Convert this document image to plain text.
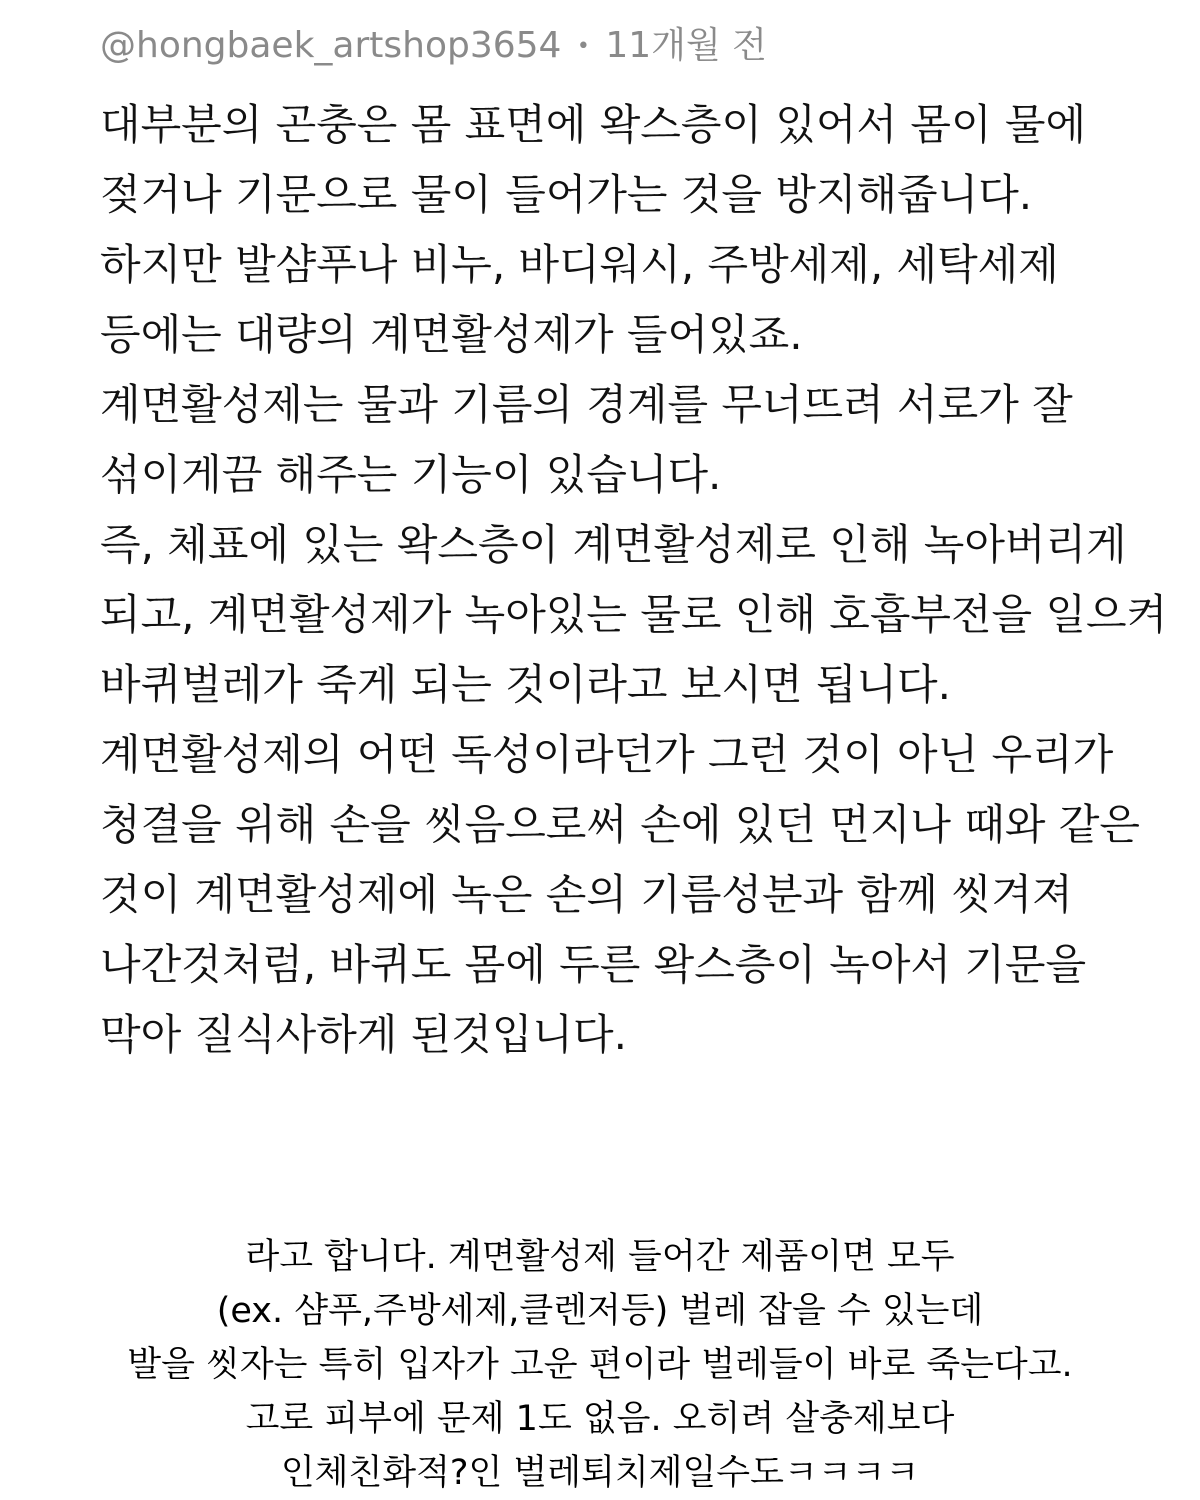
@hongbaek_artshop3654 • 11개월 전
대부분의 곤충은 몸 표면에 왁스층이 있어서 몸이 물에
젖거나 기문으로 물이 들어가는 것을 방지해줍니다.
하지만 발샴푸나 비누, 바디워시, 주방세제, 세탁세제
등에는 대량의 계면활성제가 들어있죠.
계면활성제는 물과 기름의 경계를 무너뜨려 서로가 잘
섞이게끔 해주는 기능이 있습니다.
즉, 체표에 있는 왁스층이 계면활성제로 인해 녹아버리게
되고, 계면활성제가 녹아있는 물로 인해 호흡부전을 일으켜
바퀴벌레가 죽게 되는 것이라고 보시면 됩니다.
계면활성제의 어떤 독성이라던가 그런 것이 아닌 우리가
청결을 위해 손을 씻음으로써 손에 있던 먼지나 때와 같은
것이 계면활성제에 녹은 손의 기름성분과 함께 씻겨져
나간것처럼, 바퀴도 몸에 두른 왁스층이 녹아서 기문을
막아 질식사하게 된것입니다.
라고 합니다. 계면활성제 들어간 제품이면 모두
(ex. 샴푸,주방세제,클렌저등) 벌레 잡을 수 있는데
발을 씻자는 특히 입자가 고운 편이라 벌레들이 바로 죽는다고.
고로 피부에 문제 1도 없음. 오히려 살충제보다
인체친화적?인 벌레퇴치제일수도ㅋㅋㅋㅋ
